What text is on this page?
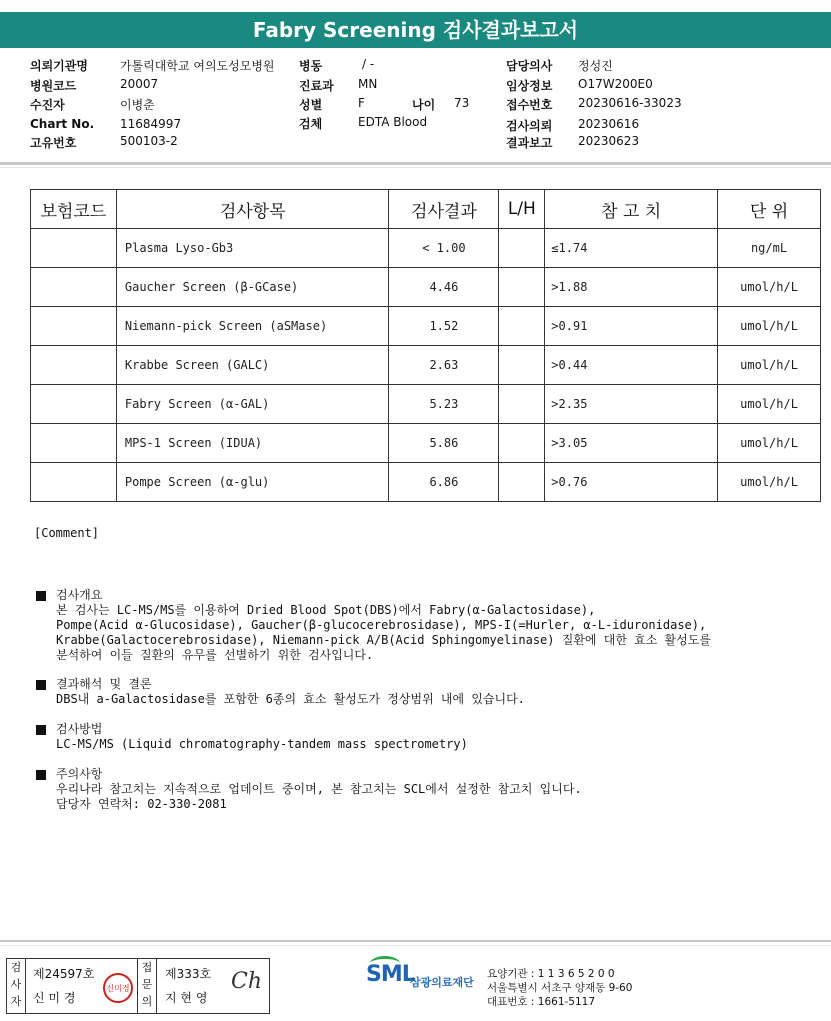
Fabry Screening 검사결과보고서
의뢰기관명	가톨릭대학교 여의도성모병원
병원코드	20007
수진자	이병춘
Chart No. 11684997
고유번호	500103-2
병동	/ -
진료과 MN
성별	F	나이 73
검체	EDTA Blood
담당의사 정성진
임상정보 O17W200E0
접수번호 20230616-33023
검사의뢰 20230616
결과보고 20230623
보험코드	검사항목	검사결과	L/H	참 고 치	단 위
	Plasma Lyso-Gb3	< 1.00		≤1.74	ng/mL
	Gaucher Screen (β-GCase)	4.46		>1.88	umol/h/L
	Niemann-pick Screen (aSMase)	1.52		>0.91	umol/h/L
	Krabbe Screen (GALC)	2.63		>0.44	umol/h/L
	Fabry Screen (α-GAL)	5.23		>2.35	umol/h/L
	MPS-1 Screen (IDUA)	5.86		>3.05	umol/h/L
	Pompe Screen (α-glu)	6.86		>0.76	umol/h/L
[Comment]
검사개요
본 검사는 LC-MS/MS를 이용하여 Dried Blood Spot(DBS)에서 Fabry(α-Galactosidase),
Pompe(Acid α-Glucosidase), Gaucher(β-glucocerebrosidase), MPS-I(=Hurler, α-L-iduronidase),
Krabbe(Galactocerebrosidase), Niemann-pick A/B(Acid Sphingomyelinase) 질환에 대한 효소 활성도를
분석하여 이들 질환의 유무를 선별하기 위한 검사입니다.
결과해석 및 결론
DBS내 a-Galactosidase를 포함한 6종의 효소 활성도가 정상범위 내에 있습니다.
검사방법
LC-MS/MS (Liquid chromatography-tandem mass spectrometry)
주의사항
우리나라 참고치는 지속적으로 업데이트 중이며, 본 참고치는 SCL에서 설정한 참고치 입니다.
담당자 연락처: 02-330-2081
검사자
제24597호
신 미 경
신미경
접문의
제333호
지 현 영
Ch	SML
삼광의료재단
요양기관 : 1 1 3 6 5 2 0 0
서울특별시 서초구 양재동 9-60
대표번호 : 1661-5117
